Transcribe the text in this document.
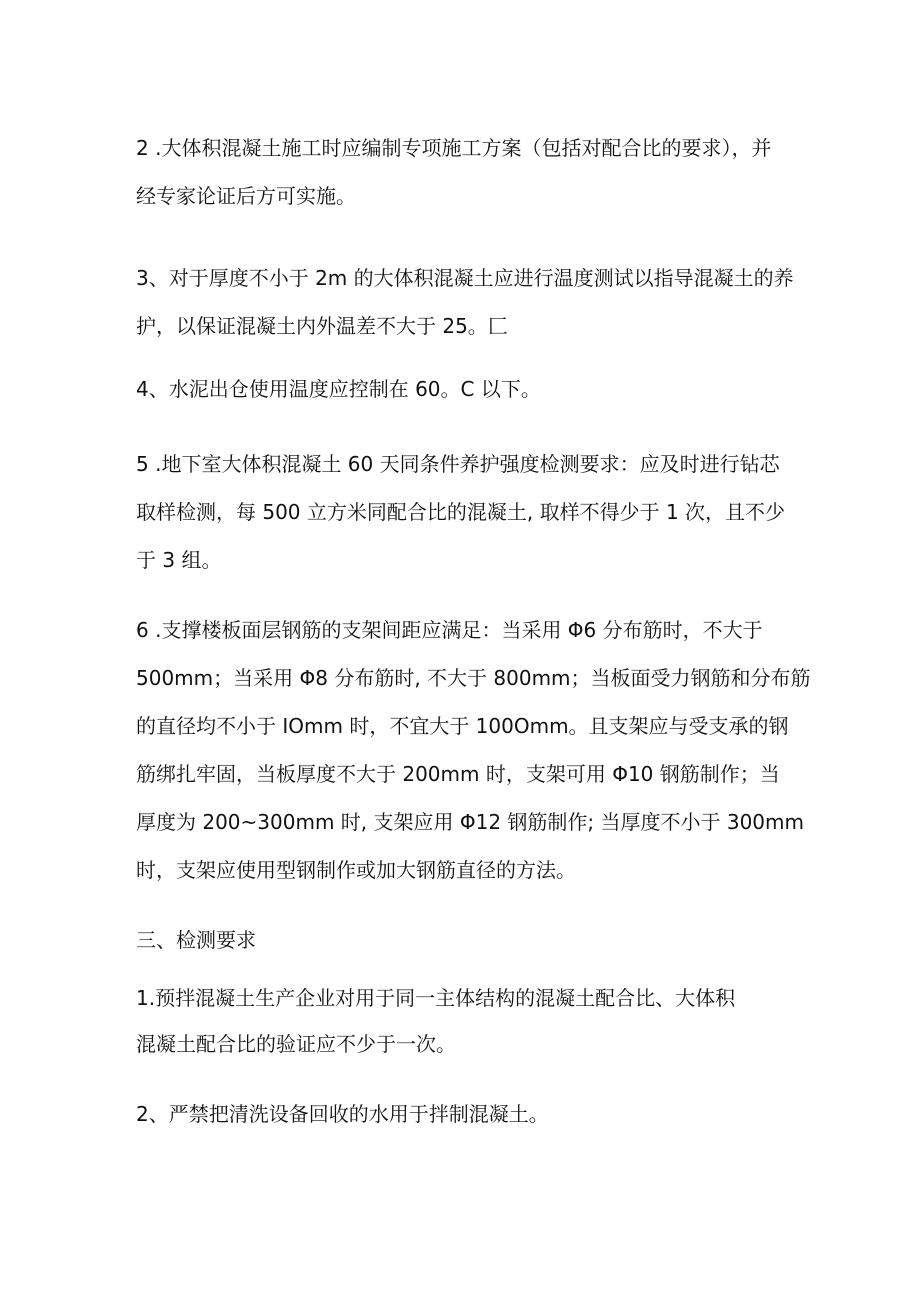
2 .大体积混凝土施工时应编制专项施工方案（包括对配合比的要求），并
经专家论证后方可实施。

3、对于厚度不小于 2m 的大体积混凝土应进行温度测试以指导混凝土的养
护，以保证混凝土内外温差不大于 25。匚

4、水泥出仓使用温度应控制在 60。C 以下。

5 .地下室大体积混凝土 60 天同条件养护强度检测要求：应及时进行钻芯
取样检测，每 500 立方米同配合比的混凝土, 取样不得少于 1 次，且不少
于 3 组。

6 .支撑楼板面层钢筋的支架间距应满足：当采用 Φ6 分布筋时，不大于
500mm；当采用 Φ8 分布筋时, 不大于 800mm；当板面受力钢筋和分布筋
的直径均不小于 IOmm 时，不宜大于 100Omm。且支架应与受支承的钢
筋绑扎牢固，当板厚度不大于 200mm 时，支架可用 Φ10 钢筋制作；当
厚度为 200~300mm 时, 支架应用 Φ12 钢筋制作; 当厚度不小于 300mm
时，支架应使用型钢制作或加大钢筋直径的方法。

三、检测要求

1.预拌混凝土生产企业对用于同一主体结构的混凝土配合比、大体积
混凝土配合比的验证应不少于一次。

2、严禁把清洗设备回收的水用于拌制混凝土。
